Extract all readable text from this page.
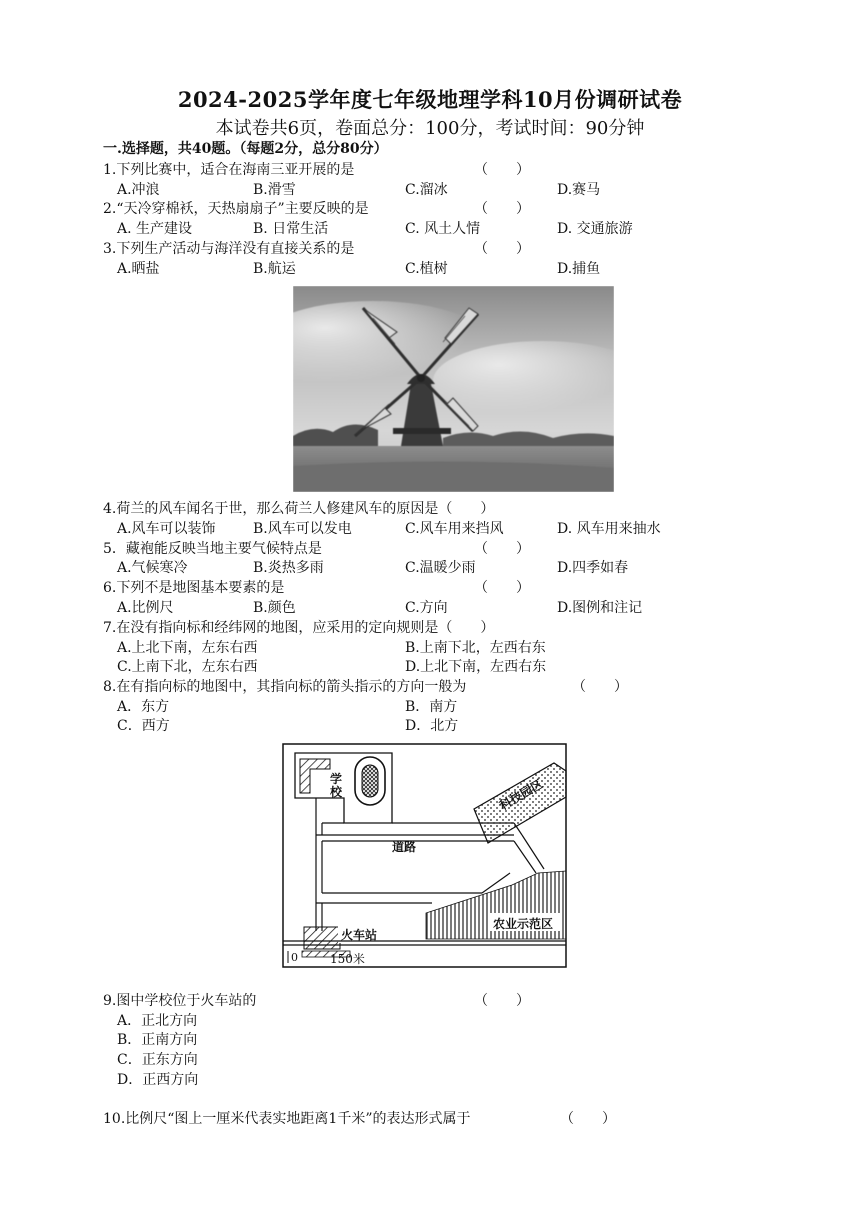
2024-2025学年度七年级地理学科10月份调研试卷
本试卷共6页，卷面总分：100分，考试时间：90分钟
一.选择题，共40题。（每题2分，总分80分）
1.下列比赛中，适合在海南三亚开展的是	（　　）
A.冲浪	B.滑雪	C.溜冰	D.赛马
2.“天冷穿棉袄，天热扇扇子”主要反映的是	（　　）
A. 生产建设	B. 日常生活	C. 风土人情	D. 交通旅游
3.下列生产活动与海洋没有直接关系的是	（　　）
A.晒盐	B.航运	C.植树	D.捕鱼
4.荷兰的风车闻名于世，那么荷兰人修建风车的原因是（　　）
A.风车可以装饰	B.风车可以发电	C.风车用来挡风	D. 风车用来抽水
5．藏袍能反映当地主要气候特点是	（　　）
A.气候寒冷	B.炎热多雨	C.温暖少雨	D.四季如春
6.下列不是地图基本要素的是	（　　）
A.比例尺	B.颜色	C.方向	D.图例和注记
7.在没有指向标和经纬网的地图，应采用的定向规则是（　　）
A.上北下南，左东右西	B.上南下北，左西右东
C.上南下北，左东右西	D.上北下南，左西右东
8.在有指向标的地图中，其指向标的箭头指示的方向一般为	（　　）
A．东方	B．南方
C．西方	D．北方
学校
道路
科技园区
农业示范区
火车站
0	150米
9.图中学校位于火车站的	（　　）
A．正北方向
B．正南方向
C．正东方向
D．正西方向
10.比例尺“图上一厘米代表实地距离1千米”的表达形式属于	（　　）
